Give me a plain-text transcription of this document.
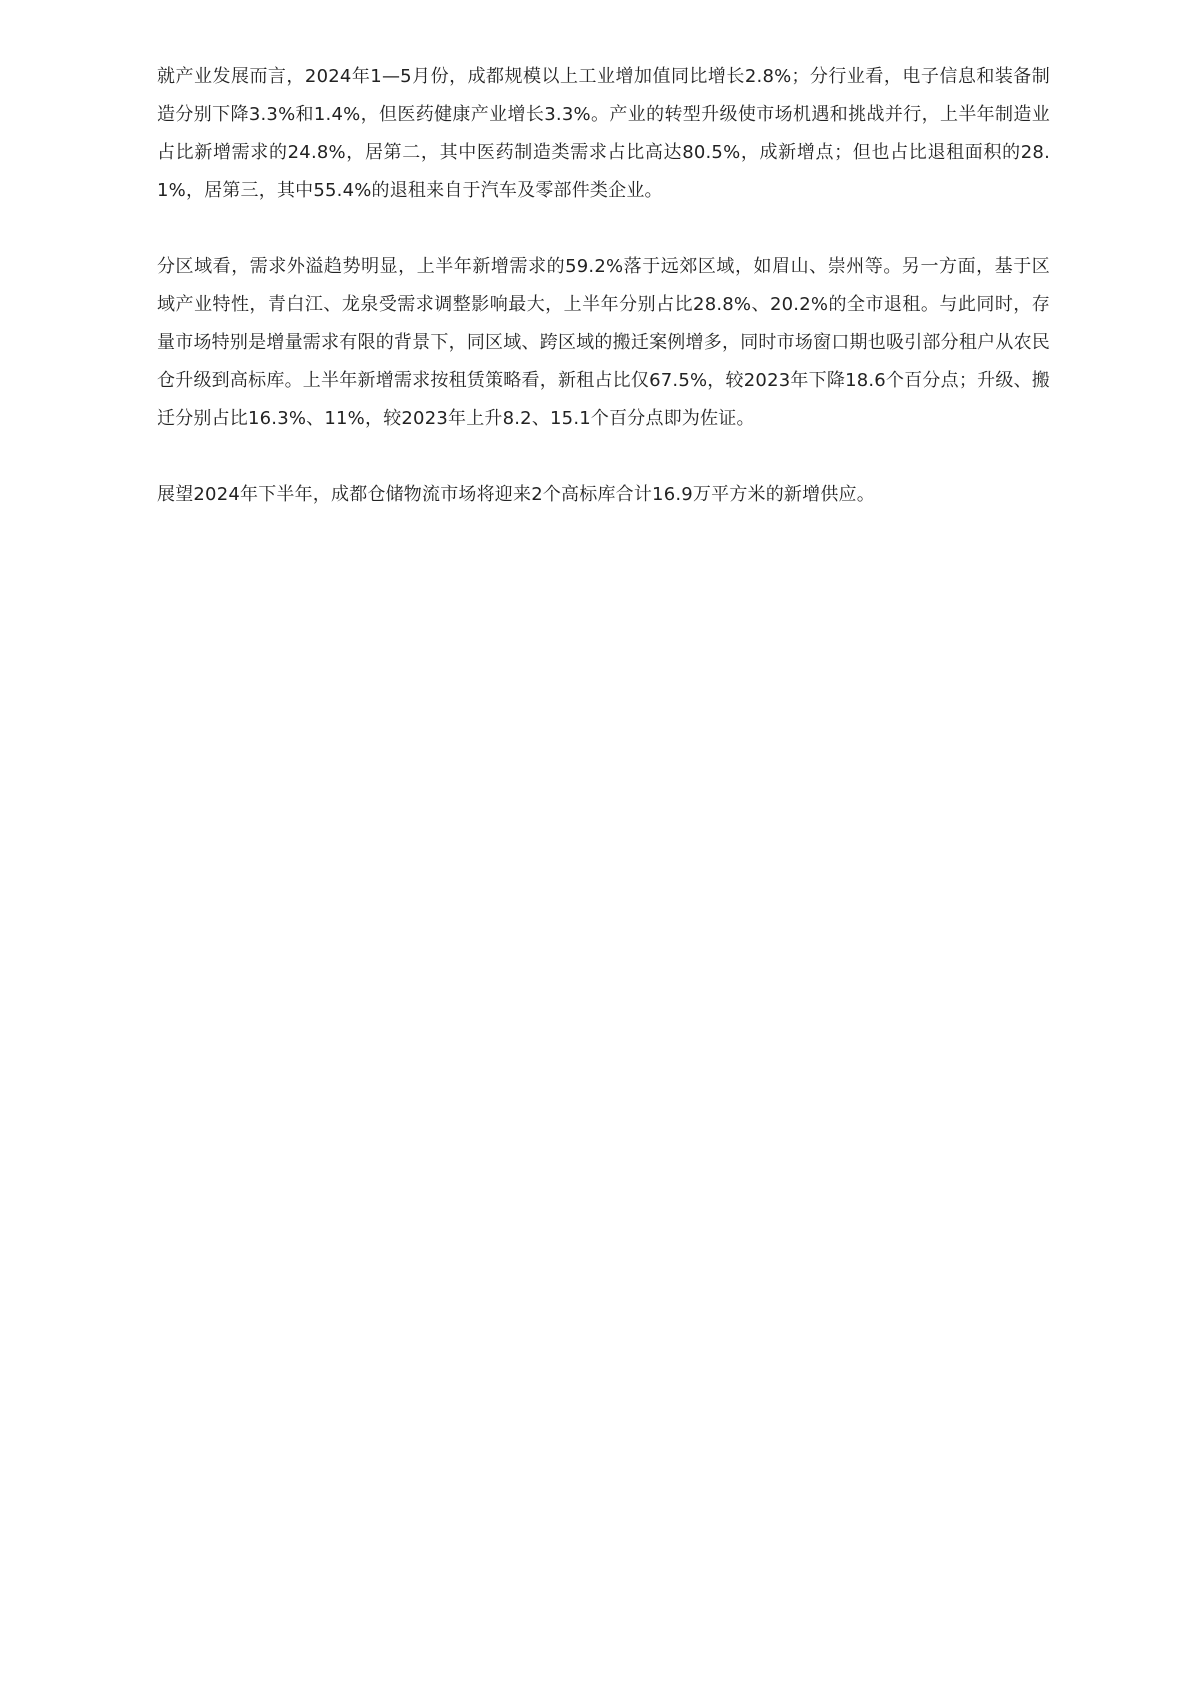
就产业发展而言，2024年1—5月份，成都规模以上工业增加值同比增长2.8%；分行业看，电子信息和装备制造分别下降3.3%和1.4%，但医药健康产业增长3.3%。产业的转型升级使市场机遇和挑战并行，上半年制造业占比新增需求的24.8%，居第二，其中医药制造类需求占比高达80.5%，成新增点；但也占比退租面积的28.1%，居第三，其中55.4%的退租来自于汽车及零部件类企业。

分区域看，需求外溢趋势明显，上半年新增需求的59.2%落于远郊区域，如眉山、崇州等。另一方面，基于区域产业特性，青白江、龙泉受需求调整影响最大，上半年分别占比28.8%、20.2%的全市退租。与此同时，存量市场特别是增量需求有限的背景下，同区域、跨区域的搬迁案例增多，同时市场窗口期也吸引部分租户从农民仓升级到高标库。上半年新增需求按租赁策略看，新租占比仅67.5%，较2023年下降18.6个百分点；升级、搬迁分别占比16.3%、11%，较2023年上升8.2、15.1个百分点即为佐证。

展望2024年下半年，成都仓储物流市场将迎来2个高标库合计16.9万平方米的新增供应。
